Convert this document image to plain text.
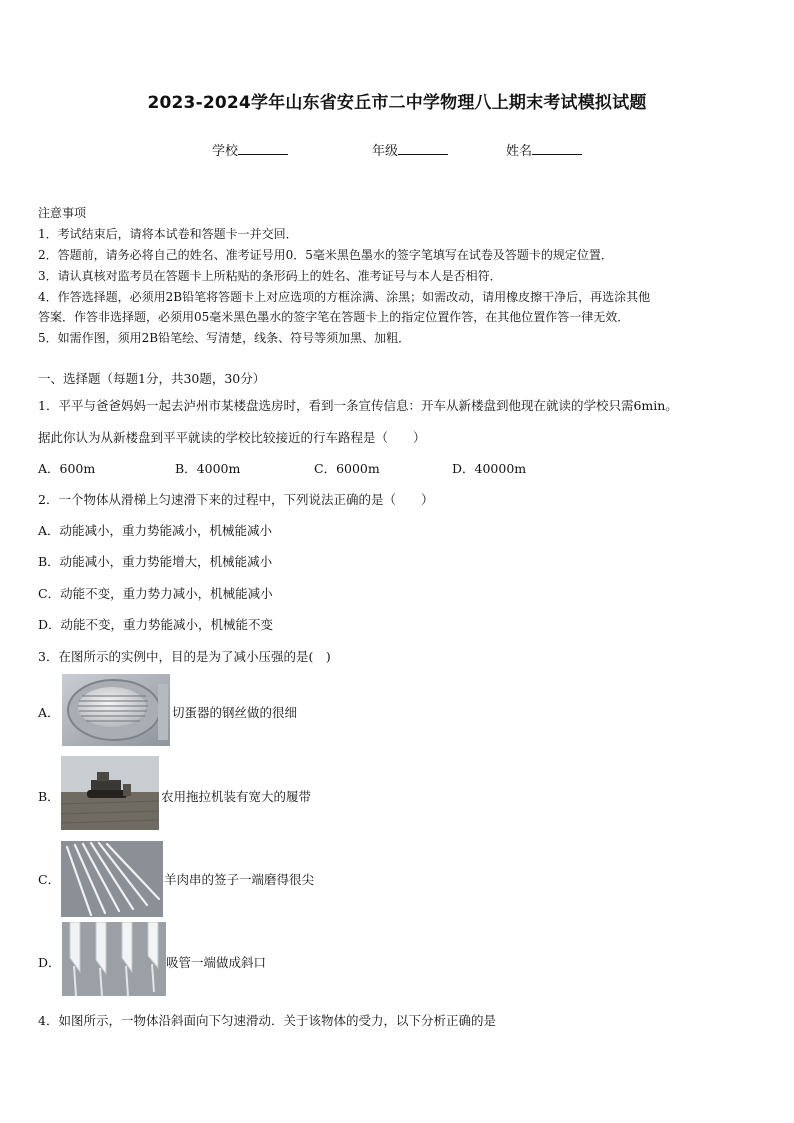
2023-2024学年山东省安丘市二中学物理八上期末考试模拟试题
学校	年级	姓名
注意事项
1．考试结束后，请将本试卷和答题卡一并交回．
2．答题前，请务必将自己的姓名、准考证号用0．5毫米黑色墨水的签字笔填写在试卷及答题卡的规定位置．
3．请认真核对监考员在答题卡上所粘贴的条形码上的姓名、准考证号与本人是否相符．
4．作答选择题，必须用2B铅笔将答题卡上对应选项的方框涂满、涂黑；如需改动，请用橡皮擦干净后，再选涂其他
答案．作答非选择题，必须用05毫米黑色墨水的签字笔在答题卡上的指定位置作答，在其他位置作答一律无效．
5．如需作图，须用2B铅笔绘、写清楚，线条、符号等须加黑、加粗．
一、选择题（每题1分，共30题，30分）
1．平平与爸爸妈妈一起去泸州市某楼盘选房时，看到一条宣传信息：开车从新楼盘到他现在就读的学校只需6min。
据此你认为从新楼盘到平平就读的学校比较接近的行车路程是（　　）
A．600m	B．4000m	C．6000m	D．40000m
2．一个物体从滑梯上匀速滑下来的过程中，下列说法正确的是（　　）
A．动能减小，重力势能减小，机械能减小
B．动能减小，重力势能增大，机械能减小
C．动能不变，重力势力减小，机械能减小
D．动能不变，重力势能减小，机械能不变
3．在图所示的实例中，目的是为了减小压强的是(　)
A．	切蛋器的钢丝做的很细
B．	农用拖拉机装有宽大的履带
C．	羊肉串的签子一端磨得很尖
D．	吸管一端做成斜口
4．如图所示，一物体沿斜面向下匀速滑动．关于该物体的受力，以下分析正确的是
